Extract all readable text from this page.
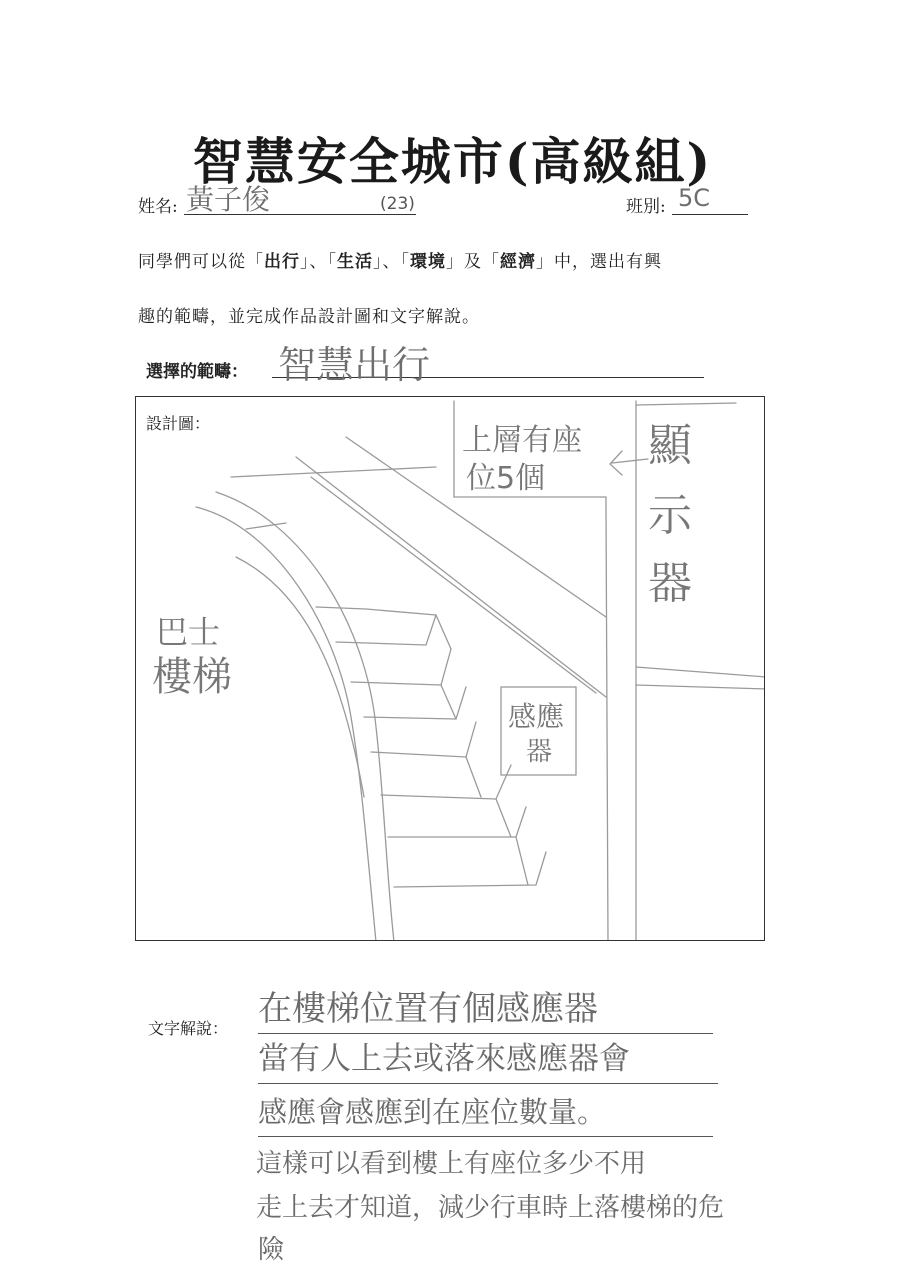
智慧安全城市(高級組)
姓名: 黃子俊	(23)	班別: 5C
同學們可以從「出行」、「生活」、「環境」及「經濟」中，選出有興
趣的範疇，並完成作品設計圖和文字解說。
選擇的範疇： 智慧出行
設計圖：	上層有座
位5個
顯
示
器
巴士
樓梯
感應
器
文字解說： 在樓梯位置有個感應器
當有人上去或落來感應器會
感應會感應到在座位數量。
這樣可以看到樓上有座位多少不用
走上去才知道，減少行車時上落樓梯的危
險
